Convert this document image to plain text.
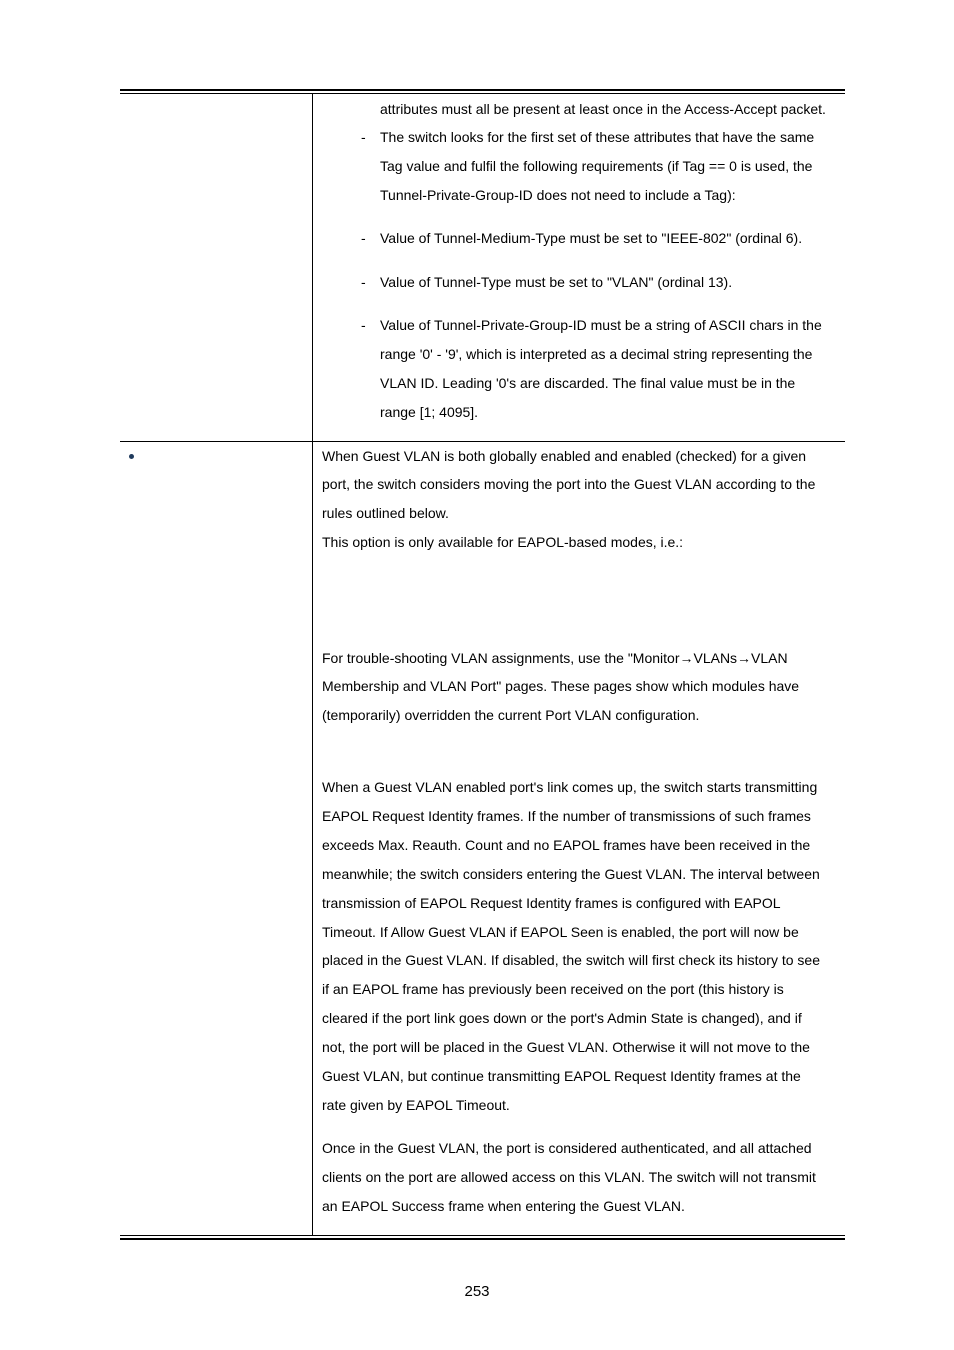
attributes must all be present at least once in the Access-Accept packet.
- The switch looks for the first set of these attributes that have the same
Tag value and fulfil the following requirements (if Tag == 0 is used, the
Tunnel-Private-Group-ID does not need to include a Tag):
- Value of Tunnel-Medium-Type must be set to "IEEE-802" (ordinal 6).
- Value of Tunnel-Type must be set to "VLAN" (ordinal 13).
- Value of Tunnel-Private-Group-ID must be a string of ASCII chars in the
range '0' - '9', which is interpreted as a decimal string representing the
VLAN ID. Leading '0's are discarded. The final value must be in the
range [1; 4095].
When Guest VLAN is both globally enabled and enabled (checked) for a given
port, the switch considers moving the port into the Guest VLAN according to the
rules outlined below.
This option is only available for EAPOL-based modes, i.e.:
For trouble-shooting VLAN assignments, use the "Monitor→VLANs→VLAN
Membership and VLAN Port" pages. These pages show which modules have
(temporarily) overridden the current Port VLAN configuration.
When a Guest VLAN enabled port's link comes up, the switch starts transmitting
EAPOL Request Identity frames. If the number of transmissions of such frames
exceeds Max. Reauth. Count and no EAPOL frames have been received in the
meanwhile; the switch considers entering the Guest VLAN. The interval between
transmission of EAPOL Request Identity frames is configured with EAPOL
Timeout. If Allow Guest VLAN if EAPOL Seen is enabled, the port will now be
placed in the Guest VLAN. If disabled, the switch will first check its history to see
if an EAPOL frame has previously been received on the port (this history is
cleared if the port link goes down or the port's Admin State is changed), and if
not, the port will be placed in the Guest VLAN. Otherwise it will not move to the
Guest VLAN, but continue transmitting EAPOL Request Identity frames at the
rate given by EAPOL Timeout.
Once in the Guest VLAN, the port is considered authenticated, and all attached
clients on the port are allowed access on this VLAN. The switch will not transmit
an EAPOL Success frame when entering the Guest VLAN.
253
